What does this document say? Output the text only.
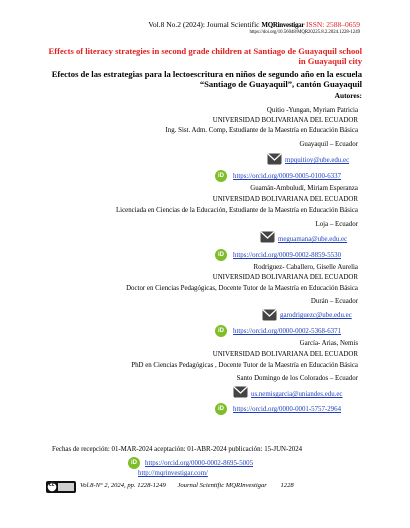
Vol.8 No.2 (2024): Journal Scientific MQRinvestigar ISSN: 2588–0659
https://doi.org/10.56048/MQR20225.8.2.2024.1228-1249
Effects of literacy strategies in second grade children at Santiago de Guayaquil school in Guayaquil city
Efectos de las estrategias para la lectoescritura en niños de segundo año en la escuela “Santiago de Guayaquil”, cantón Guayaquil
Autores:
Quitio -Yungan, Myriam Patricia
UNIVERSIDAD BOLIVARIANA DEL ECUADOR
Ing. Sist. Adm. Comp, Estudiante de la Maestría en Educación Básica
Guayaquil – Ecuador
mpquitioy@ube.edu.ec
iD	https://orcid.org/0009-0005-0100-6337
Guamán-Ambuludí, Miriam Esperanza
UNIVERSIDAD BOLIVARIANA DEL ECUADOR
Licenciada en Ciencias de la Educación, Estudiante de la Maestría en Educación Básica
Loja – Ecuador
meguamana@ube.edu.ec
iD	https://orcid.org/0009-0002-8859-5530
Rodríguez- Caballero, Giselle Aurelia
UNIVERSIDAD BOLIVARIANA DEL ECUADOR
Doctor en Ciencias Pedagógicas, Docente Tutor de la Maestría en Educación Básica
Durán – Ecuador
garodriguezc@ube.edu.ec
iD	https://orcid.org/0000-0002-5368-6371
García- Arias, Nemis
UNIVERSIDAD BOLIVARIANA DEL ECUADOR
PhD en Ciencias Pedagógicas , Docente Tutor de la Maestría en Educación Básica
Santo Domingo de los Colorados – Ecuador
us.nemisgarcia@uniandes.edu.ec
iD	https://orcid.org/0000-0001-5757-2964
Fechas de recepción: 01-MAR-2024 aceptación: 01-ABR-2024 publicación: 15-JUN-2024
iD	https://orcid.org/0000-0002-8695-5005
http://mqrinvestigar.com/
cc	Vol.8-N° 2, 2024, pp. 1228-1249 Journal Scientific MQRInvestigar 1228
